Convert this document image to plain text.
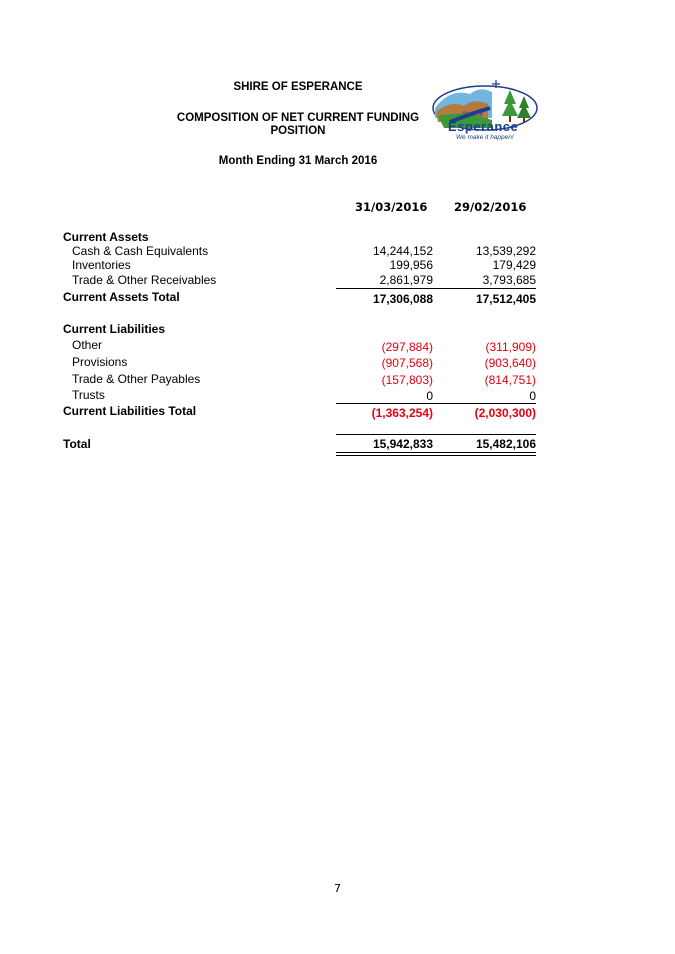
SHIRE OF ESPERANCE
COMPOSITION OF NET CURRENT FUNDING
POSITION
Month Ending 31 March 2016
Shire of
Esperance
We make it happen!
31/03/2016 29/02/2016
Current Assets
Cash & Cash Equivalents	14,244,152	13,539,292
Inventories	199,956	179,429
Trade & Other Receivables	2,861,979	3,793,685
Current Assets Total	17,306,088	17,512,405
Current Liabilities
Other	(297,884)	(311,909)
Provisions	(907,568)	(903,640)
Trade & Other Payables	(157,803)	(814,751)
Trusts	0	0
Current Liabilities Total	(1,363,254)	(2,030,300)
Total	15,942,833	15,482,106
7
